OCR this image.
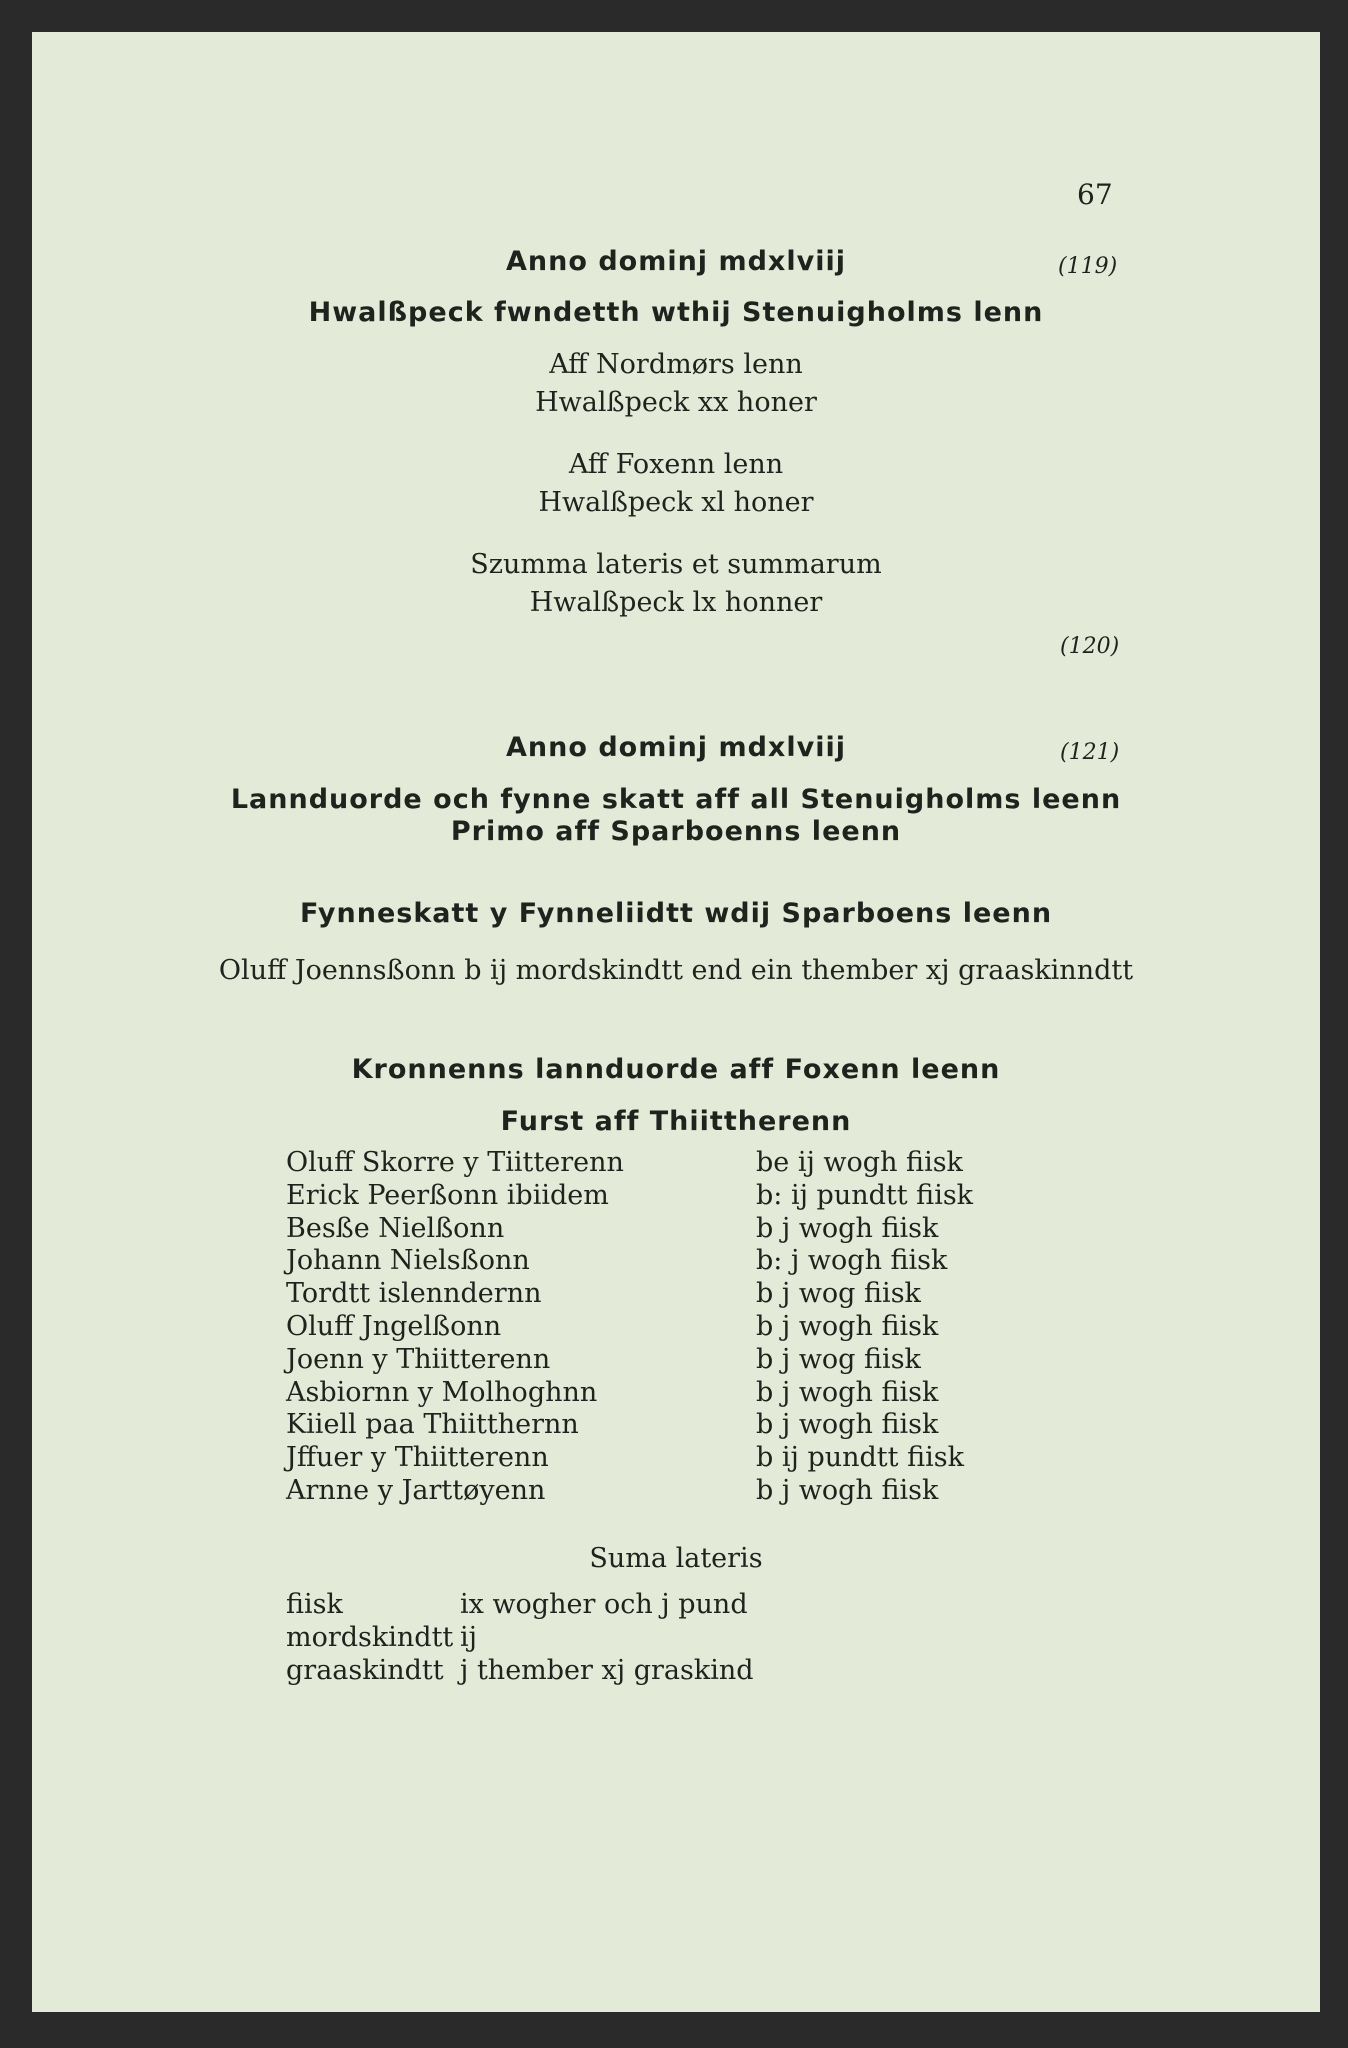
67
Anno dominj mdxlviij	(119)
Hwalßpeck fwndetth wthij Stenuigholms lenn
Aff Nordmørs lenn
Hwalßpeck xx honer
Aff Foxenn lenn
Hwalßpeck xl honer
Szumma lateris et summarum
Hwalßpeck lx honner
(120)
Anno dominj mdxlviij	(121)
Lannduorde och fynne skatt aff all Stenuigholms leenn
Primo aff Sparboenns leenn
Fynneskatt y Fynneliidtt wdij Sparboens leenn
Oluff Joennsßonn b ij mordskindtt end ein thember xj graaskinndtt
Kronnenns lannduorde aff Foxenn leenn
Furst aff Thiittherenn
Oluff Skorre y Tiitterenn	be ij wogh fiisk
Erick Peerßonn ibiidem	b: ij pundtt fiisk
Besße Nielßonn	b j wogh fiisk
Johann Nielsßonn	b: j wogh fiisk
Tordtt islenndernn	b j wog fiisk
Oluff Jngelßonn	b j wogh fiisk
Joenn y Thiitterenn	b j wog fiisk
Asbiornn y Molhoghnn	b j wogh fiisk
Kiiell paa Thiitthernn	b j wogh fiisk
Jffuer y Thiitterenn	b ij pundtt fiisk
Arnne y Jarttøyenn	b j wogh fiisk
Suma lateris
fiisk	ix wogher och j pund
mordskindtt ij
graaskindtt j thember xj graskind
